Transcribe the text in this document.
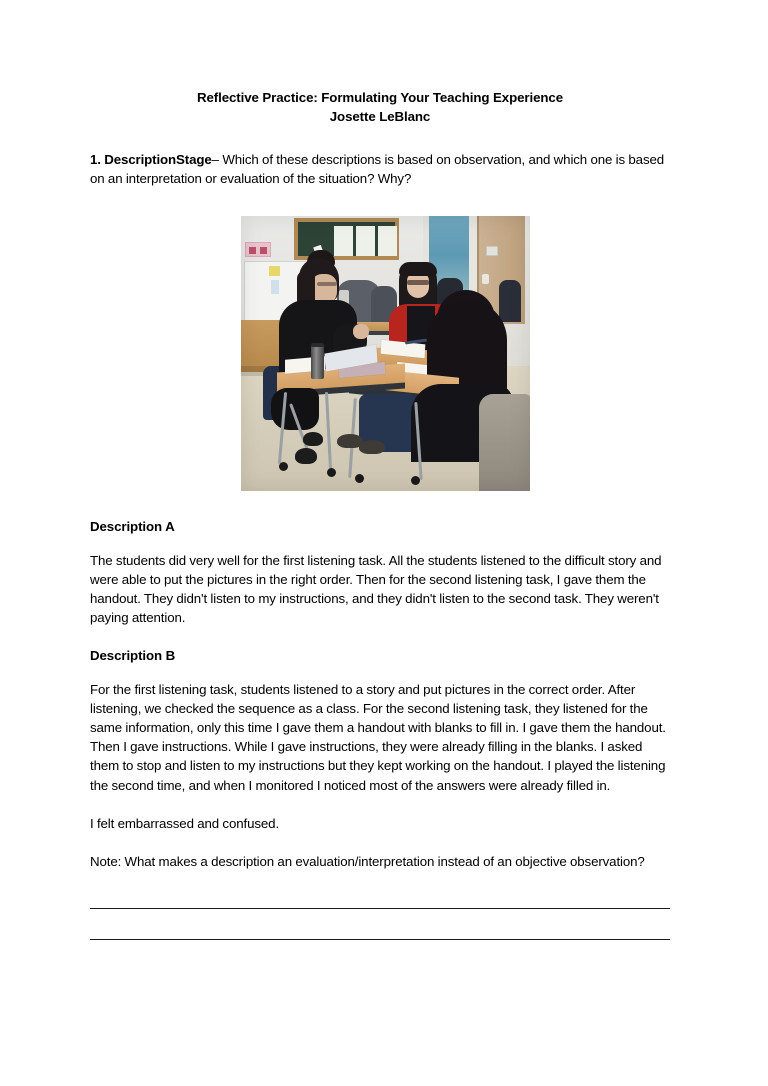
Reflective Practice: Formulating Your Teaching Experience

Josette LeBlanc

1. DescriptionStage– Which of these descriptions is based on observation, and which one is based on an interpretation or evaluation of the situation? Why?

Description A

The students did very well for the first listening task. All the students listened to the difficult story and were able to put the pictures in the right order. Then for the second listening task, I gave them the handout. They didn't listen to my instructions, and they didn't listen to the second task. They weren't paying attention.

Description B

For the first listening task, students listened to a story and put pictures in the correct order. After listening, we checked the sequence as a class. For the second listening task, they listened for the same information, only this time I gave them a handout with blanks to fill in. I gave them the handout. Then I gave instructions. While I gave instructions, they were already filling in the blanks. I asked them to stop and listen to my instructions but they kept working on the handout. I played the listening the second time, and when I monitored I noticed most of the answers were already filled in.

I felt embarrassed and confused.

Note: What makes a description an evaluation/interpretation instead of an objective observation?
